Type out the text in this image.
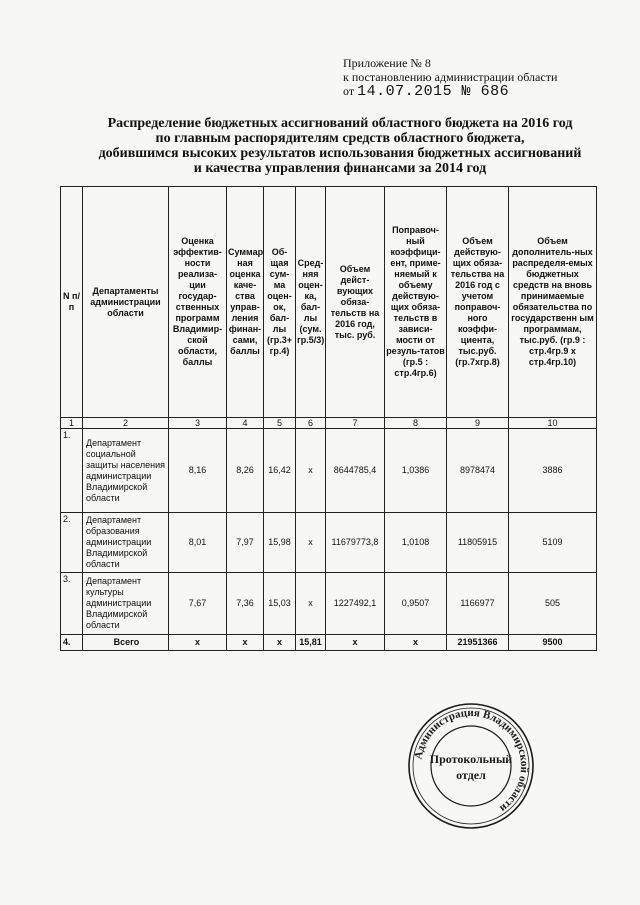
Приложение № 8
к постановлению администрации области
от 14.07.2015 № 686
Распределение бюджетных ассигнований областного бюджета на 2016 год
по главным распорядителям средств областного бюджета,
добившимся высоких результатов использования бюджетных ассигнований
и качества управления финансами за 2014 год
N п/п	Департаменты администрации области	Оценка эффектив-ности реализа-ции государ-ственных программ Владимир-ской области, баллы	Суммар ная оценка каче-ства управ-ления финан-сами, баллы	Об-щая сум-ма оцен-ок, бал-лы (гр.3+ гр.4)	Сред-няя оцен-ка, бал-лы (сум. гр.5/3)	Объем дейст-вующих обяза-тельств на 2016 год, тыс. руб.	Поправоч-ный коэффици-ент, приме-няемый к объему действую-щих обяза-тельств в зависи-мости от резуль-татов (гр.5 : стр.4гр.6)	Объем действую-щих обяза-тельства на 2016 год с учетом поправоч-ного коэффи-циента, тыс.руб. (гр.7хгр.8)	Объем дополнитель-ных распределя-емых бюджетных средств на вновь принимаемые обязательства по государственн ым программам, тыс.руб. (гр.9 : стр.4гр.9 х стр.4гр.10)
1	2	3	4	5	6	7	8	9	10
1.	Департамент социальной защиты населения администрации Владимирской области	8,16	8,26	16,42	х	8644785,4	1,0386	8978474	3886
2.	Департамент образования администрации Владимирской области	8,01	7,97	15,98	х	11679773,8	1,0108	11805915	5109
3.	Департамент культуры администрации Владимирской области	7,67	7,36	15,03	х	1227492,1	0,9507	1166977	505
4.	Всего	х	х	х	15,81	х	х	21951366	9500
Администрация Владимирской области
Протокольный
отдел
